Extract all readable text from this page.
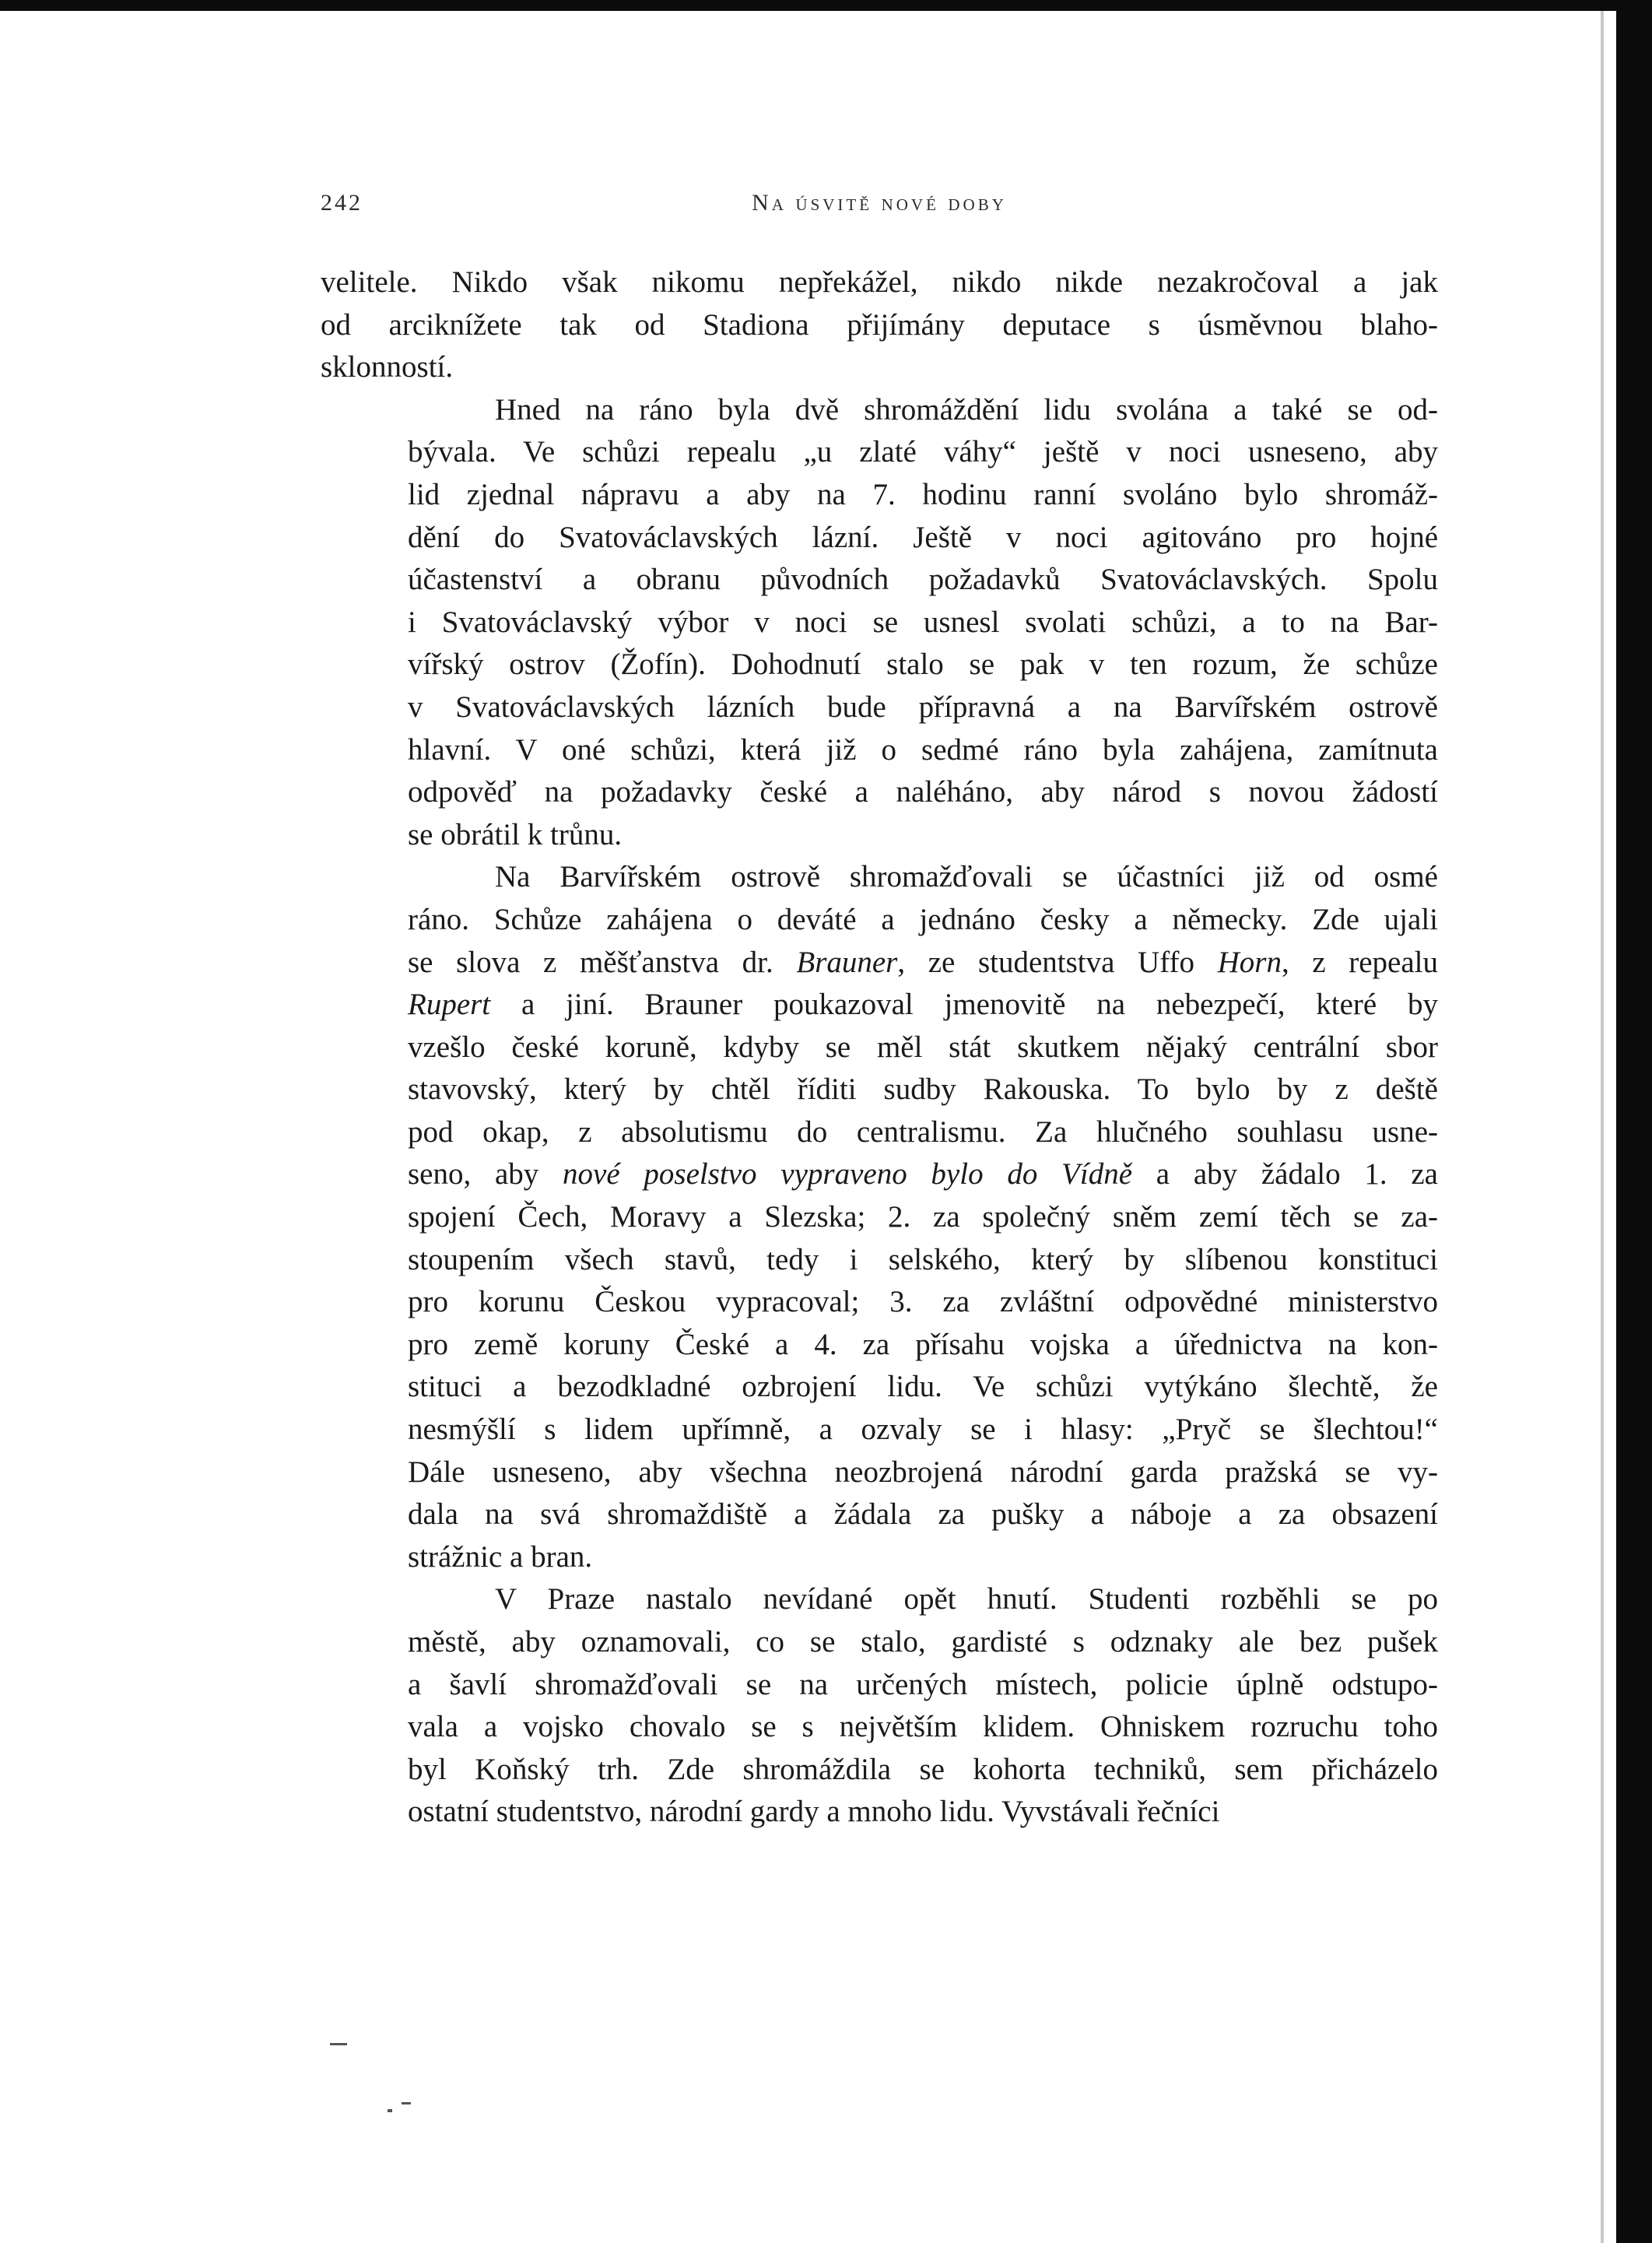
242	Na úsvitě nové doby
velitele. Nikdo však nikomu nepřekážel, nikdo nikde nezakročoval a jak
od arciknížete tak od Stadiona přijímány deputace s úsměvnou blaho-
sklonností.
Hned na ráno byla dvě shromáždění lidu svolána a také se od-
bývala. Ve schůzi repealu „u zlaté váhy“ ještě v noci usneseno, aby
lid zjednal nápravu a aby na 7. hodinu ranní svoláno bylo shromáž-
dění do Svatováclavských lázní. Ještě v noci agitováno pro hojné
účastenství a obranu původních požadavků Svatováclavských. Spolu
i Svatováclavský výbor v noci se usnesl svolati schůzi, a to na Bar-
vířský ostrov (Žofín). Dohodnutí stalo se pak v ten rozum, že schůze
v Svatováclavských lázních bude přípravná a na Barvířském ostrově
hlavní. V oné schůzi, která již o sedmé ráno byla zahájena, zamítnuta
odpověď na požadavky české a naléháno, aby národ s novou žádostí
se obrátil k trůnu.
Na Barvířském ostrově shromažďovali se účastníci již od osmé
ráno. Schůze zahájena o deváté a jednáno česky a německy. Zde ujali
se slova z měšťanstva dr. Brauner, ze studentstva Uffo Horn, z repealu
Rupert a jiní. Brauner poukazoval jmenovitě na nebezpečí, které by
vzešlo české koruně, kdyby se měl stát skutkem nějaký centrální sbor
stavovský, který by chtěl říditi sudby Rakouska. To bylo by z deště
pod okap, z absolutismu do centralismu. Za hlučného souhlasu usne-
seno, aby nové poselstvo vypraveno bylo do Vídně a aby žádalo 1. za
spojení Čech, Moravy a Slezska; 2. za společný sněm zemí těch se za-
stoupením všech stavů, tedy i selského, který by slíbenou konstituci
pro korunu Českou vypracoval; 3. za zvláštní odpovědné ministerstvo
pro země koruny České a 4. za přísahu vojska a úřednictva na kon-
stituci a bezodkladné ozbrojení lidu. Ve schůzi vytýkáno šlechtě, že
nesmýšlí s lidem upřímně, a ozvaly se i hlasy: „Pryč se šlechtou!“
Dále usneseno, aby všechna neozbrojená národní garda pražská se vy-
dala na svá shromaždiště a žádala za pušky a náboje a za obsazení
strážnic a bran.
V Praze nastalo nevídané opět hnutí. Studenti rozběhli se po
městě, aby oznamovali, co se stalo, gardisté s odznaky ale bez pušek
a šavlí shromažďovali se na určených místech, policie úplně odstupo-
vala a vojsko chovalo se s největším klidem. Ohniskem rozruchu toho
byl Koňský trh. Zde shromáždila se kohorta techniků, sem přicházelo
ostatní studentstvo, národní gardy a mnoho lidu. Vyvstávali řečníci
